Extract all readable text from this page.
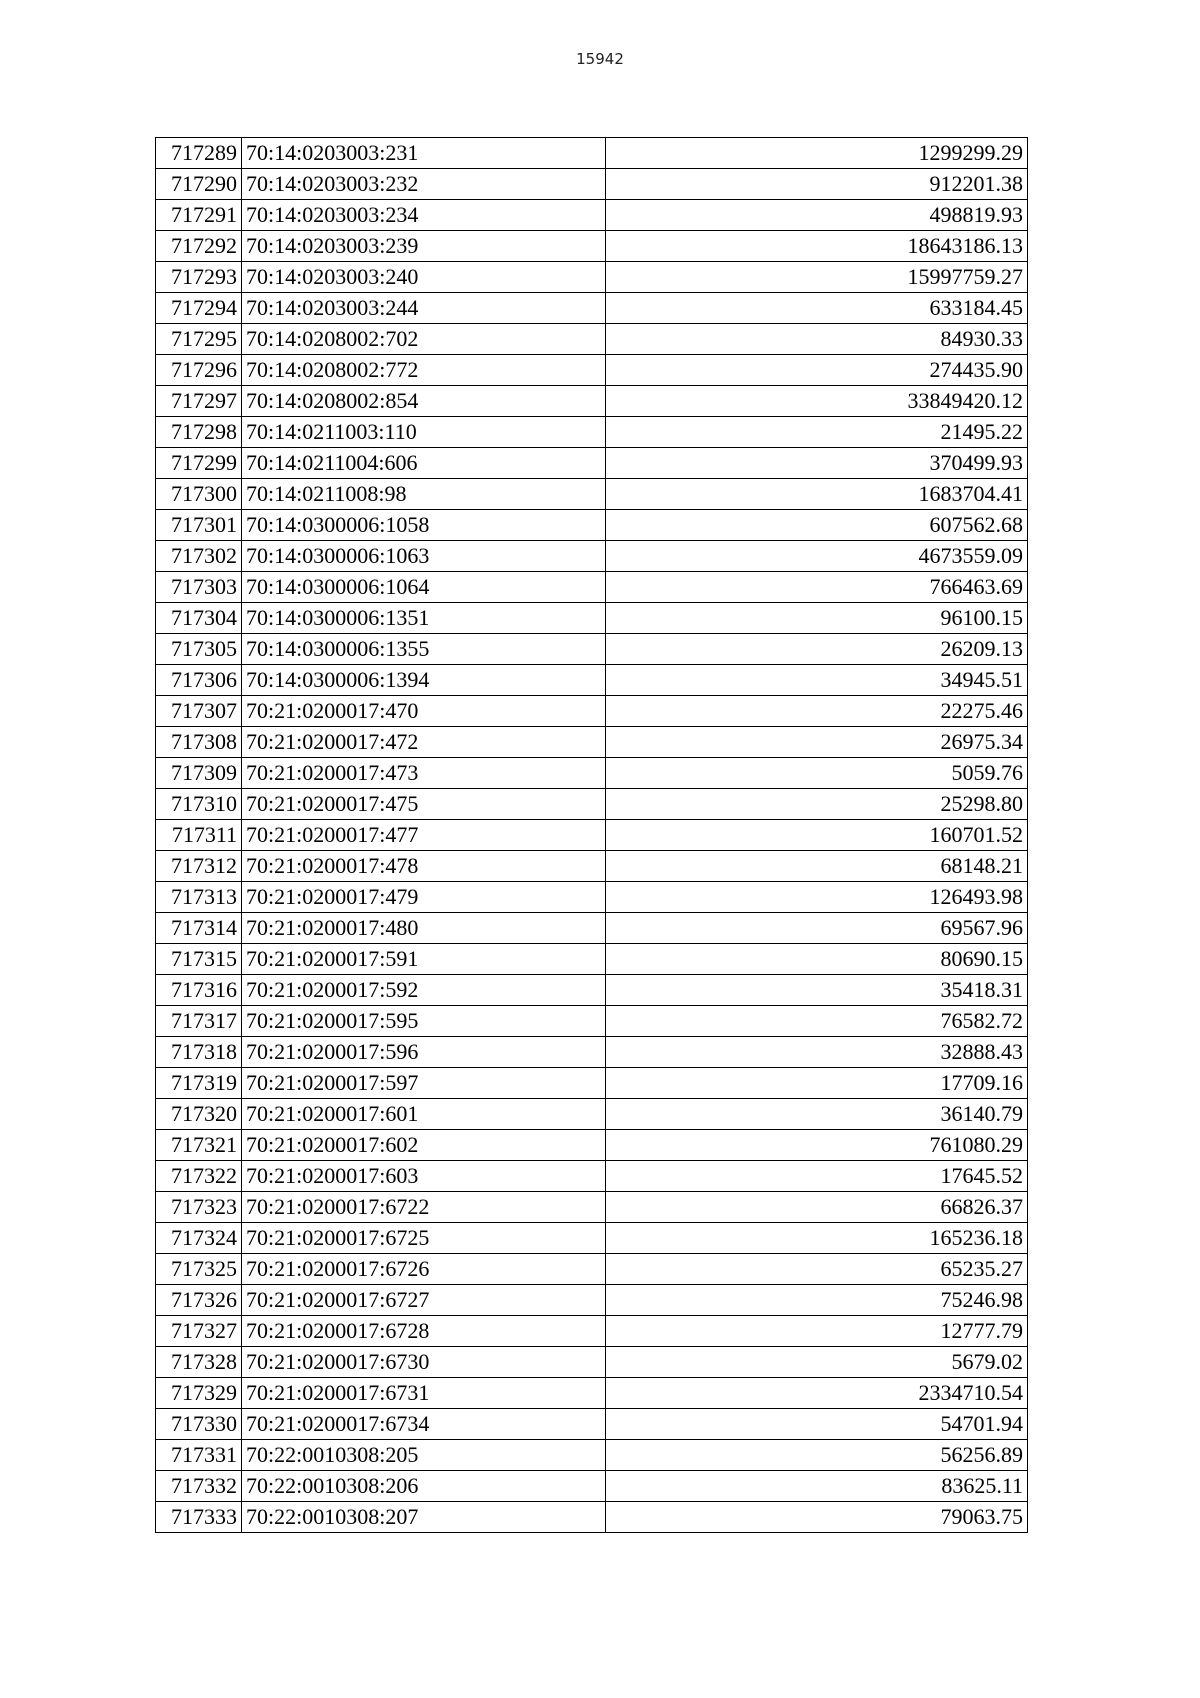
15942
717289	70:14:0203003:231	1299299.29
717290	70:14:0203003:232	912201.38
717291	70:14:0203003:234	498819.93
717292	70:14:0203003:239	18643186.13
717293	70:14:0203003:240	15997759.27
717294	70:14:0203003:244	633184.45
717295	70:14:0208002:702	84930.33
717296	70:14:0208002:772	274435.90
717297	70:14:0208002:854	33849420.12
717298	70:14:0211003:110	21495.22
717299	70:14:0211004:606	370499.93
717300	70:14:0211008:98	1683704.41
717301	70:14:0300006:1058	607562.68
717302	70:14:0300006:1063	4673559.09
717303	70:14:0300006:1064	766463.69
717304	70:14:0300006:1351	96100.15
717305	70:14:0300006:1355	26209.13
717306	70:14:0300006:1394	34945.51
717307	70:21:0200017:470	22275.46
717308	70:21:0200017:472	26975.34
717309	70:21:0200017:473	5059.76
717310	70:21:0200017:475	25298.80
717311	70:21:0200017:477	160701.52
717312	70:21:0200017:478	68148.21
717313	70:21:0200017:479	126493.98
717314	70:21:0200017:480	69567.96
717315	70:21:0200017:591	80690.15
717316	70:21:0200017:592	35418.31
717317	70:21:0200017:595	76582.72
717318	70:21:0200017:596	32888.43
717319	70:21:0200017:597	17709.16
717320	70:21:0200017:601	36140.79
717321	70:21:0200017:602	761080.29
717322	70:21:0200017:603	17645.52
717323	70:21:0200017:6722	66826.37
717324	70:21:0200017:6725	165236.18
717325	70:21:0200017:6726	65235.27
717326	70:21:0200017:6727	75246.98
717327	70:21:0200017:6728	12777.79
717328	70:21:0200017:6730	5679.02
717329	70:21:0200017:6731	2334710.54
717330	70:21:0200017:6734	54701.94
717331	70:22:0010308:205	56256.89
717332	70:22:0010308:206	83625.11
717333	70:22:0010308:207	79063.75
